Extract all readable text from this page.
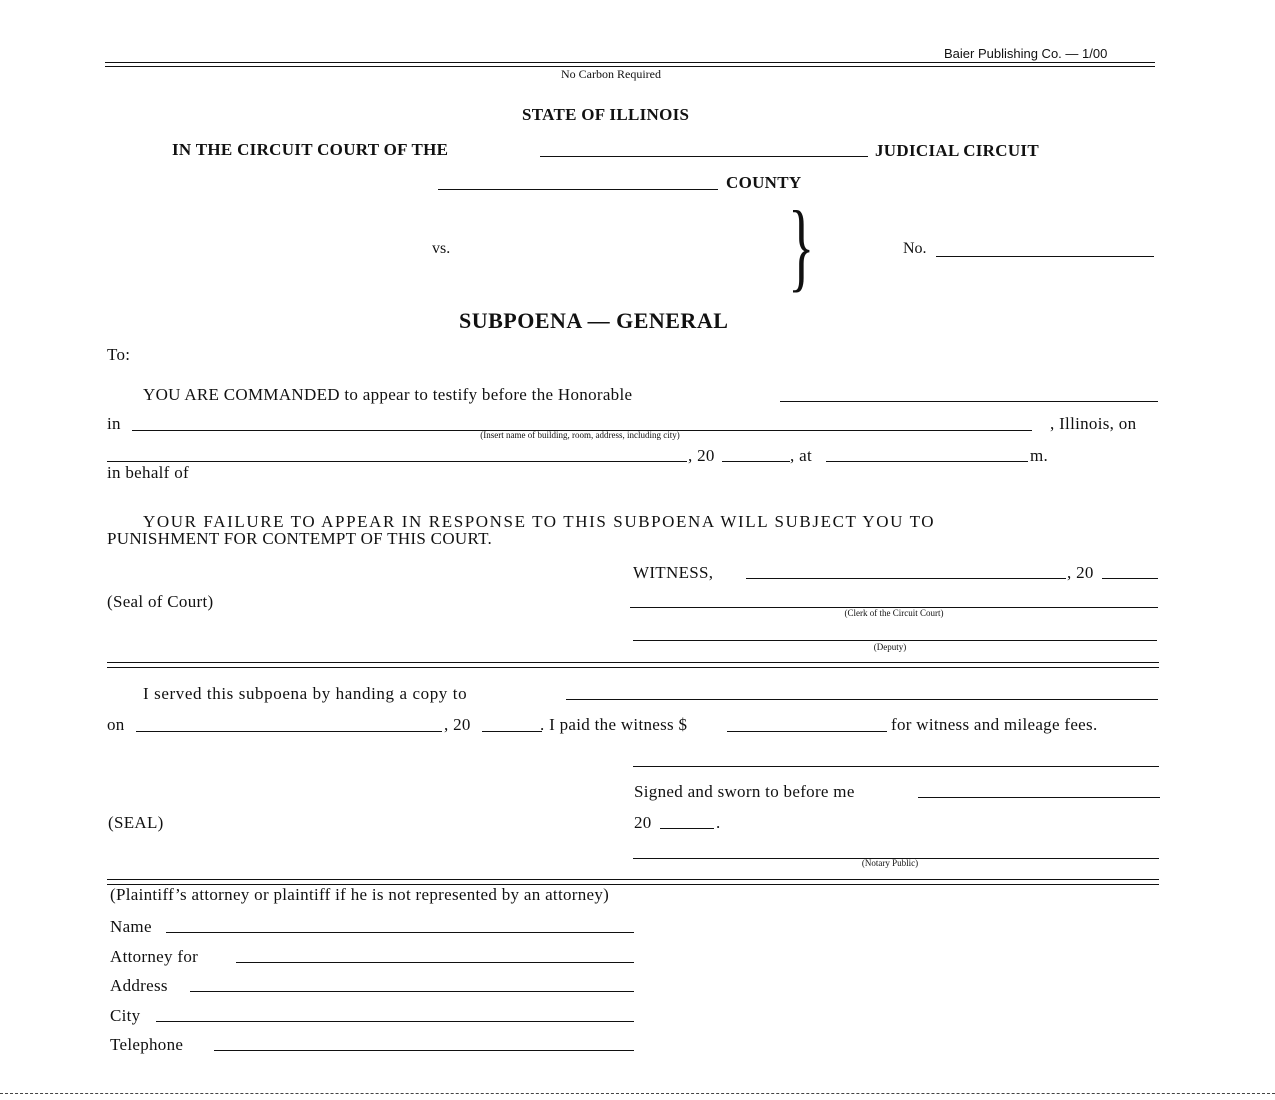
Baier Publishing Co. — 1/00
No Carbon Required
STATE OF ILLINOIS
IN THE CIRCUIT COURT OF THE	JUDICIAL CIRCUIT
COUNTY
vs.	}	No.
SUBPOENA — GENERAL
To:
YOU ARE COMMANDED to appear to testify before the Honorable
in	, Illinois, on
(Insert name of building, room, address, including city)
, 20	, at	m.
in behalf of
YOUR FAILURE TO APPEAR IN RESPONSE TO THIS SUBPOENA WILL SUBJECT YOU TO
PUNISHMENT FOR CONTEMPT OF THIS COURT.
WITNESS,	, 20
(Seal of Court)
(Clerk of the Circuit Court)
(Deputy)
I served this subpoena by handing a copy to
on	, 20	. I paid the witness $	for witness and mileage fees.
Signed and sworn to before me
(SEAL)	20	.
(Notary Public)
(Plaintiff’s attorney or plaintiff if he is not represented by an attorney)
Name
Attorney for
Address
City
Telephone
